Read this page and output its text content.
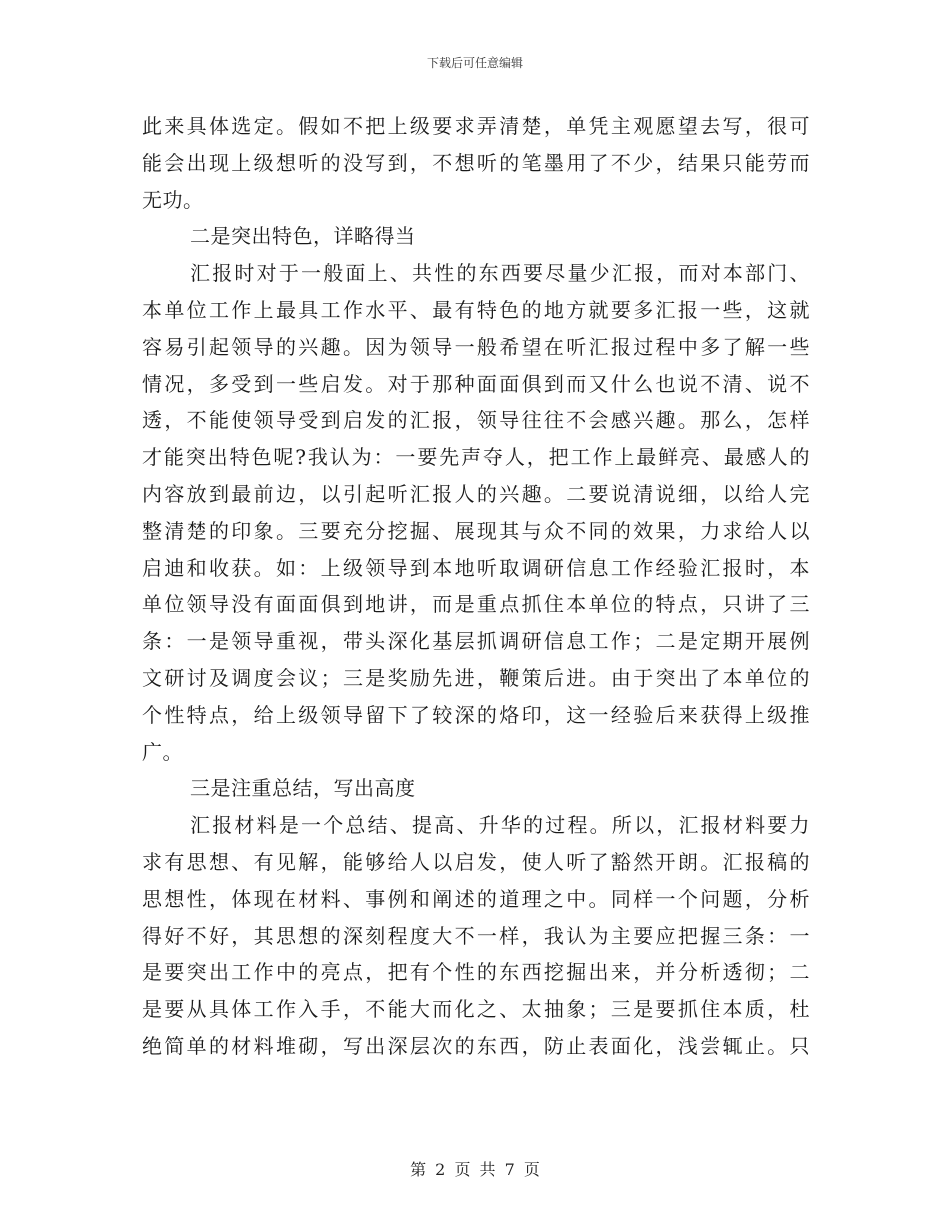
下载后可任意编辑
此来具体选定。假如不把上级要求弄清楚，单凭主观愿望去写，很可
能会出现上级想听的没写到，不想听的笔墨用了不少，结果只能劳而
无功。
二是突出特色，详略得当
汇报时对于一般面上、共性的东西要尽量少汇报，而对本部门、
本单位工作上最具工作水平、最有特色的地方就要多汇报一些，这就
容易引起领导的兴趣。因为领导一般希望在听汇报过程中多了解一些
情况，多受到一些启发。对于那种面面俱到而又什么也说不清、说不
透，不能使领导受到启发的汇报，领导往往不会感兴趣。那么，怎样
才能突出特色呢?我认为：一要先声夺人，把工作上最鲜亮、最感人的
内容放到最前边，以引起听汇报人的兴趣。二要说清说细，以给人完
整清楚的印象。三要充分挖掘、展现其与众不同的效果，力求给人以
启迪和收获。如：上级领导到本地听取调研信息工作经验汇报时，本
单位领导没有面面俱到地讲，而是重点抓住本单位的特点，只讲了三
条：一是领导重视，带头深化基层抓调研信息工作；二是定期开展例
文研讨及调度会议；三是奖励先进，鞭策后进。由于突出了本单位的
个性特点，给上级领导留下了较深的烙印，这一经验后来获得上级推
广。
三是注重总结，写出高度
汇报材料是一个总结、提高、升华的过程。所以，汇报材料要力
求有思想、有见解，能够给人以启发，使人听了豁然开朗。汇报稿的
思想性，体现在材料、事例和阐述的道理之中。同样一个问题，分析
得好不好，其思想的深刻程度大不一样，我认为主要应把握三条：一
是要突出工作中的亮点，把有个性的东西挖掘出来，并分析透彻；二
是要从具体工作入手，不能大而化之、太抽象；三是要抓住本质，杜
绝简单的材料堆砌，写出深层次的东西，防止表面化，浅尝辄止。只
第 2 页 共 7 页
